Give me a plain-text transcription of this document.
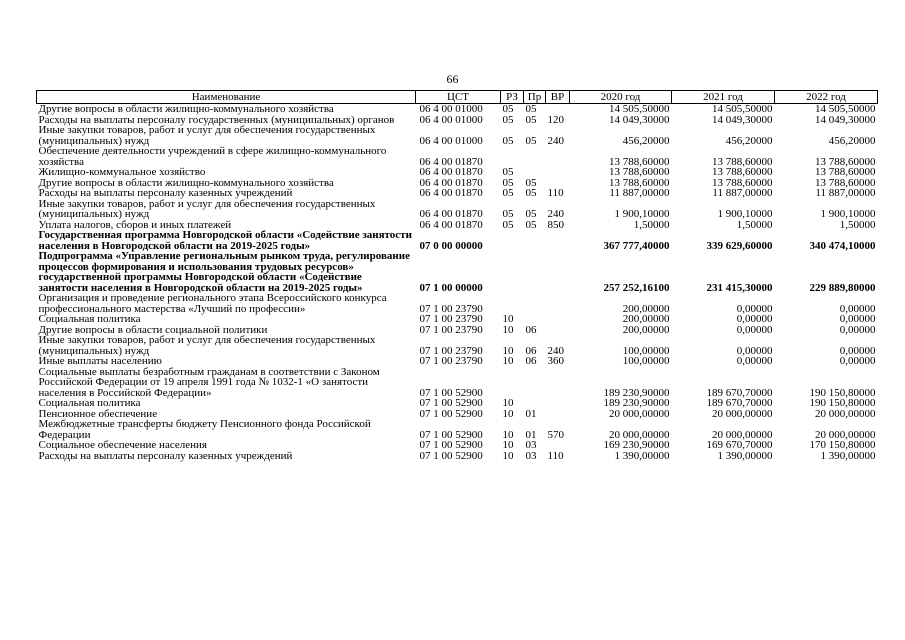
66
Наименование	ЦСТ	РЗ	Пр	ВР	2020 год	2021 год	2022 год
Другие вопросы в области жилищно-коммунального хозяйства	06 4 00 01000	05	05		14 505,50000	14 505,50000	14 505,50000
Расходы на выплаты персоналу государственных (муниципальных) органов	06 4 00 01000	05	05	120	14 049,30000	14 049,30000	14 049,30000
Иные закупки товаров, работ и услуг для обеспечения государственных (муниципальных) нужд	06 4 00 01000	05	05	240	456,20000	456,20000	456,20000
Обеспечение деятельности учреждений в сфере жилищно-коммунального хозяйства	06 4 00 01870				13 788,60000	13 788,60000	13 788,60000
Жилищно-коммунальное хозяйство	06 4 00 01870	05			13 788,60000	13 788,60000	13 788,60000
Другие вопросы в области жилищно-коммунального хозяйства	06 4 00 01870	05	05		13 788,60000	13 788,60000	13 788,60000
Расходы на выплаты персоналу казенных учреждений	06 4 00 01870	05	05	110	11 887,00000	11 887,00000	11 887,00000
Иные закупки товаров, работ и услуг для обеспечения государственных (муниципальных) нужд	06 4 00 01870	05	05	240	1 900,10000	1 900,10000	1 900,10000
Уплата налогов, сборов и иных платежей	06 4 00 01870	05	05	850	1,50000	1,50000	1,50000
Государственная программа Новгородской области «Содействие занятости населения в Новгородской области на 2019-2025 годы»	07 0 00 00000				367 777,40000	339 629,60000	340 474,10000
Подпрограмма «Управление региональным рынком труда, регулирование процессов формирования и использования трудовых ресурсов» государственной программы Новгородской области «Содействие занятости населения в Новгородской области на 2019-2025 годы»	07 1 00 00000				257 252,16100	231 415,30000	229 889,80000
Организация и проведение регионального этапа Всероссийского конкурса профессионального мастерства «Лучший по профессии»	07 1 00 23790				200,00000	0,00000	0,00000
Социальная политика	07 1 00 23790	10			200,00000	0,00000	0,00000
Другие вопросы в области социальной политики	07 1 00 23790	10	06		200,00000	0,00000	0,00000
Иные закупки товаров, работ и услуг для обеспечения государственных (муниципальных) нужд	07 1 00 23790	10	06	240	100,00000	0,00000	0,00000
Иные выплаты населению	07 1 00 23790	10	06	360	100,00000	0,00000	0,00000
Социальные выплаты безработным гражданам в соответствии с Законом Российской Федерации от 19 апреля 1991 года № 1032-1 «О занятости населения в Российской Федерации»	07 1 00 52900				189 230,90000	189 670,70000	190 150,80000
Социальная политика	07 1 00 52900	10			189 230,90000	189 670,70000	190 150,80000
Пенсионное обеспечение	07 1 00 52900	10	01		20 000,00000	20 000,00000	20 000,00000
Межбюджетные трансферты бюджету Пенсионного фонда Российской Федерации	07 1 00 52900	10	01	570	20 000,00000	20 000,00000	20 000,00000
Социальное обеспечение населения	07 1 00 52900	10	03		169 230,90000	169 670,70000	170 150,80000
Расходы на выплаты персоналу казенных учреждений	07 1 00 52900	10	03	110	1 390,00000	1 390,00000	1 390,00000
